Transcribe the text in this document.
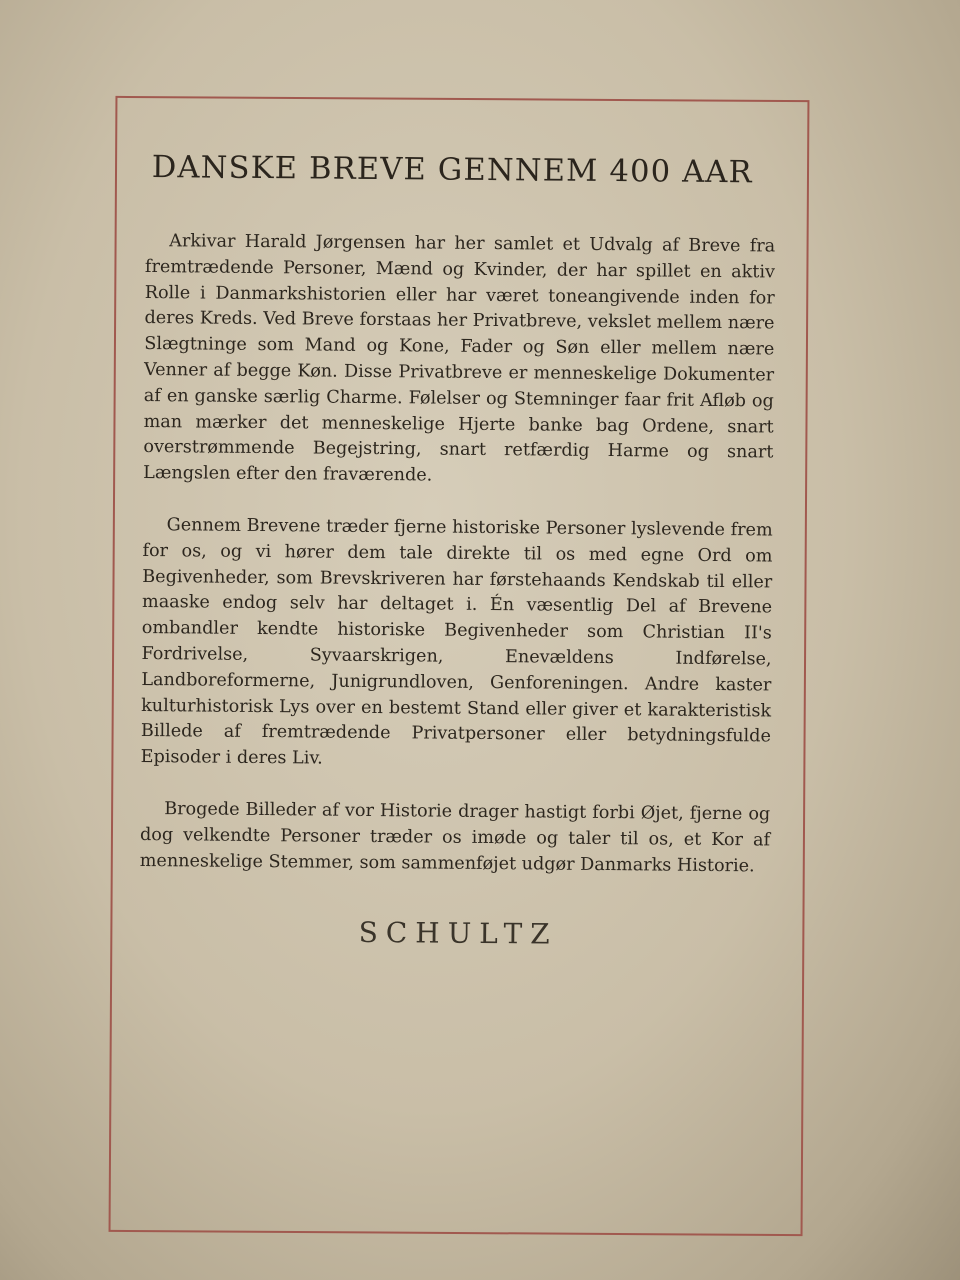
DANSKE BREVE GENNEM 400 AAR

Arkivar Harald Jørgensen har her samlet et Udvalg af Breve fra fremtrædende Personer, Mænd og Kvinder, der har spillet en aktiv Rolle i Danmarkshistorien eller har været toneangivende inden for deres Kreds. Ved Breve forstaas her Privatbreve, vekslet mellem nære Slægtninge som Mand og Kone, Fader og Søn eller mellem nære Venner af begge Køn. Disse Privatbreve er menneskelige Dokumenter af en ganske særlig Charme. Følelser og Stemninger faar frit Afløb og man mærker det menneskelige Hjerte banke bag Ordene, snart overstrømmende Begejstring, snart retfærdig Harme og snart Længslen efter den fraværende.

Gennem Brevene træder fjerne historiske Personer lyslevende frem for os, og vi hører dem tale direkte til os med egne Ord om Begivenheder, som Brevskriveren har førstehaands Kendskab til eller maaske endog selv har deltaget i. Én væsentlig Del af Brevene ombandler kendte historiske Begivenheder som Christian II's Fordrivelse, Syvaarskrigen, Enevældens Indførelse, Landboreformerne, Junigrundloven, Genforeningen. Andre kaster kulturhistorisk Lys over en bestemt Stand eller giver et karakteristisk Billede af fremtrædende Privatpersoner eller betydningsfulde Episoder i deres Liv.

Brogede Billeder af vor Historie drager hastigt forbi Øjet, fjerne og dog velkendte Personer træder os imøde og taler til os, et Kor af menneskelige Stemmer, som sammenføjet udgør Danmarks Historie.

SCHULTZ
